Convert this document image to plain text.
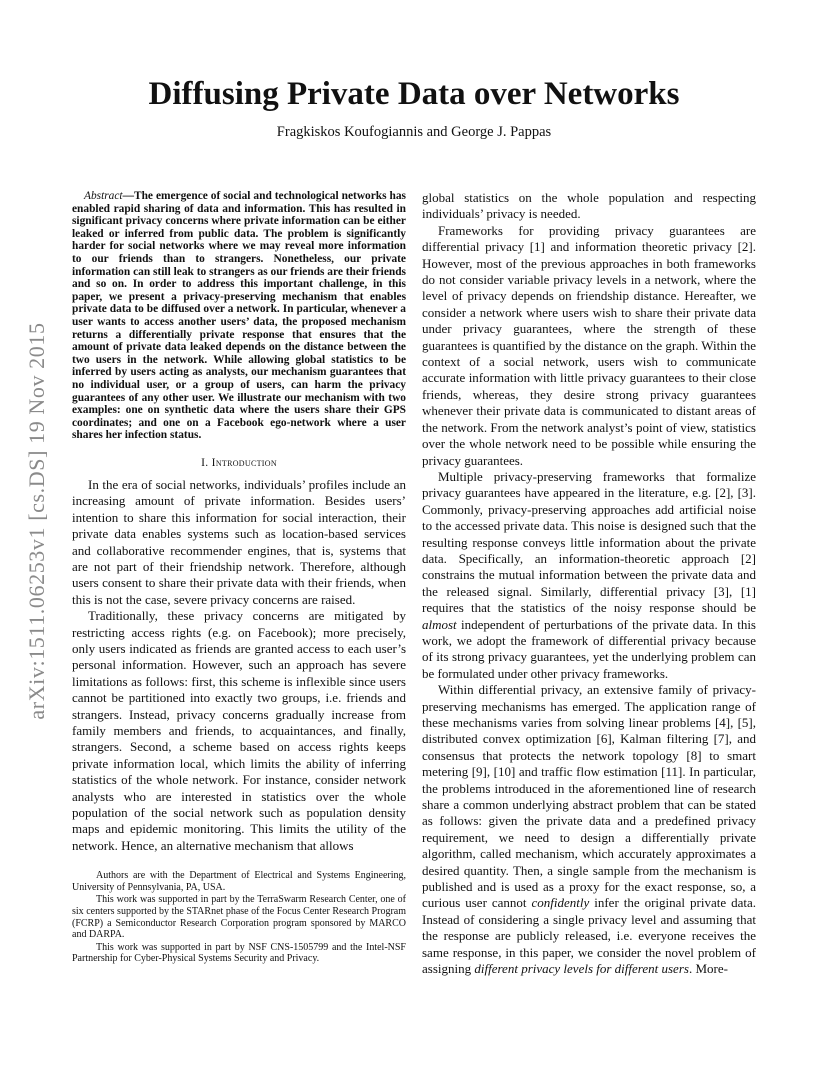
arXiv:1511.06253v1 [cs.DS] 19 Nov 2015
Diffusing Private Data over Networks
Fragkiskos Koufogiannis and George J. Pappas

Abstract—The emergence of social and technological networks has enabled rapid sharing of data and information. This has resulted in significant privacy concerns where private information can be either leaked or inferred from public data. The problem is significantly harder for social networks where we may reveal more information to our friends than to strangers. Nonetheless, our private information can still leak to strangers as our friends are their friends and so on. In order to address this important challenge, in this paper, we present a privacy-preserving mechanism that enables private data to be diffused over a network. In particular, whenever a user wants to access another users’ data, the proposed mechanism returns a differentially private response that ensures that the amount of private data leaked depends on the distance between the two users in the network. While allowing global statistics to be inferred by users acting as analysts, our mechanism guarantees that no individual user, or a group of users, can harm the privacy guarantees of any other user. We illustrate our mechanism with two examples: one on synthetic data where the users share their GPS coordinates; and one on a Facebook ego-network where a user shares her infection status.

I. Introduction

In the era of social networks, individuals’ profiles include an increasing amount of private information. Besides users’ intention to share this information for social interaction, their private data enables systems such as location-based services and collaborative recommender engines, that is, systems that are not part of their friendship network. Therefore, although users consent to share their private data with their friends, when this is not the case, severe privacy concerns are raised.

Traditionally, these privacy concerns are mitigated by restricting access rights (e.g. on Facebook); more precisely, only users indicated as friends are granted access to each user’s personal information. However, such an approach has severe limitations as follows: first, this scheme is inflexible since users cannot be partitioned into exactly two groups, i.e. friends and strangers. Instead, privacy concerns gradually increase from family members and friends, to acquaintances, and finally, strangers. Second, a scheme based on access rights keeps private information local, which limits the ability of inferring statistics of the whole network. For instance, consider network analysts who are interested in statistics over the whole population of the social network such as population density maps and epidemic monitoring. This limits the utility of the network. Hence, an alternative mechanism that allows

Authors are with the Department of Electrical and Systems Engineering, University of Pennsylvania, PA, USA.

This work was supported in part by the TerraSwarm Research Center, one of six centers supported by the STARnet phase of the Focus Center Research Program (FCRP) a Semiconductor Research Corporation program sponsored by MARCO and DARPA.

This work was supported in part by NSF CNS-1505799 and the Intel-NSF Partnership for Cyber-Physical Systems Security and Privacy.

global statistics on the whole population and respecting individuals’ privacy is needed.

Frameworks for providing privacy guarantees are differential privacy [1] and information theoretic privacy [2]. However, most of the previous approaches in both frameworks do not consider variable privacy levels in a network, where the level of privacy depends on friendship distance. Hereafter, we consider a network where users wish to share their private data under privacy guarantees, where the strength of these guarantees is quantified by the distance on the graph. Within the context of a social network, users wish to communicate accurate information with little privacy guarantees to their close friends, whereas, they desire strong privacy guarantees whenever their private data is communicated to distant areas of the network. From the network analyst’s point of view, statistics over the whole network need to be possible while ensuring the privacy guarantees.

Multiple privacy-preserving frameworks that formalize privacy guarantees have appeared in the literature, e.g. [2], [3]. Commonly, privacy-preserving approaches add artificial noise to the accessed private data. This noise is designed such that the resulting response conveys little information about the private data. Specifically, an information-theoretic approach [2] constrains the mutual information between the private data and the released signal. Similarly, differential privacy [3], [1] requires that the statistics of the noisy response should be almost independent of perturbations of the private data. In this work, we adopt the framework of differential privacy because of its strong privacy guarantees, yet the underlying problem can be formulated under other privacy frameworks.

Within differential privacy, an extensive family of privacy-preserving mechanisms has emerged. The application range of these mechanisms varies from solving linear problems [4], [5], distributed convex optimization [6], Kalman filtering [7], and consensus that protects the network topology [8] to smart metering [9], [10] and traffic flow estimation [11]. In particular, the problems introduced in the aforementioned line of research share a common underlying abstract problem that can be stated as follows: given the private data and a predefined privacy requirement, we need to design a differentially private algorithm, called mechanism, which accurately approximates a desired quantity. Then, a single sample from the mechanism is published and is used as a proxy for the exact response, so, a curious user cannot confidently infer the original private data. Instead of considering a single privacy level and assuming that the response are publicly released, i.e. everyone receives the same response, in this paper, we consider the novel problem of assigning different privacy levels for different users. More-
